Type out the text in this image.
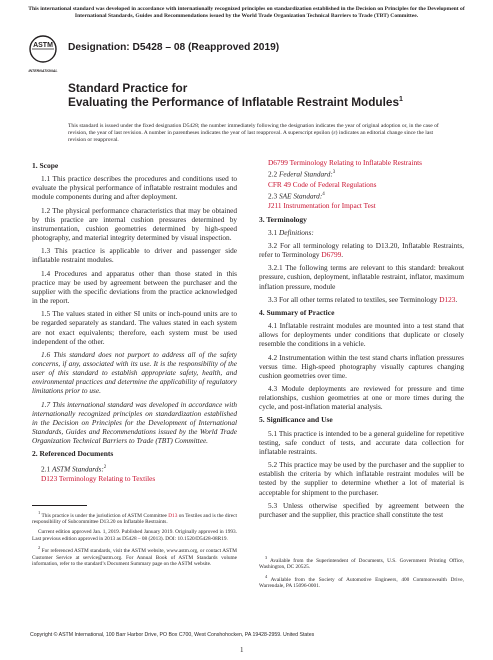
This international standard was developed in accordance with internationally recognized principles on standardization established in the Decision on Principles for the Development of International Standards, Guides and Recommendations issued by the World Trade Organization Technical Barriers to Trade (TBT) Committee.
ASTM
INTERNATIONAL
Designation: D5428 – 08 (Reapproved 2019)
Standard Practice for
Evaluating the Performance of Inflatable Restraint Modules$^1$
This standard is issued under the fixed designation D5428; the number immediately following the designation indicates the year of original adoption or, in the case of revision, the year of last revision. A number in parentheses indicates the year of last reapproval. A superscript epsilon (ε) indicates an editorial change since the last revision or reapproval.
1. Scope

1.1 This practice describes the procedures and conditions used to evaluate the physical performance of inflatable restraint modules and module components during and after deployment.

1.2 The physical performance characteristics that may be obtained by this practice are internal cushion pressures determined by instrumentation, cushion geometries determined by high-speed photography, and material integrity determined by visual inspection.

1.3 This practice is applicable to driver and passenger side inflatable restraint modules.

1.4 Procedures and apparatus other than those stated in this practice may be used by agreement between the purchaser and the supplier with the specific deviations from the practice acknowledged in the report.

1.5 The values stated in either SI units or inch-pound units are to be regarded separately as standard. The values stated in each system are not exact equivalents; therefore, each system must be used independent of the other.

1.6 This standard does not purport to address all of the safety concerns, if any, associated with its use. It is the responsibility of the user of this standard to establish appropriate safety, health, and environmental practices and determine the applicability of regulatory limitations prior to use.

1.7 This international standard was developed in accordance with internationally recognized principles on standardization established in the Decision on Principles for the Development of International Standards, Guides and Recommendations issued by the World Trade Organization Technical Barriers to Trade (TBT) Committee.

2. Referenced Documents

2.1 ASTM Standards:$^2$

D123 Terminology Relating to Textiles

D6799 Terminology Relating to Inflatable Restraints

2.2 Federal Standard:$^3$

CFR 49 Code of Federal Regulations

2.3 SAE Standard:$^4$

J211 Instrumentation for Impact Test

3. Terminology

3.1 Definitions:

3.2 For all terminology relating to D13.20, Inflatable Restraints, refer to Terminology D6799.

3.2.1 The following terms are relevant to this standard: breakout pressure, cushion, deployment, inflatable restraint, inflator, maximum inflation pressure, module

3.3 For all other terms related to textiles, see Terminology D123.

4. Summary of Practice

4.1 Inflatable restraint modules are mounted into a test stand that allows for deployments under conditions that duplicate or closely resemble the conditions in a vehicle.

4.2 Instrumentation within the test stand charts inflation pressures versus time. High-speed photography visually captures changing cushion geometries over time.

4.3 Module deployments are reviewed for pressure and time relationships, cushion geometries at one or more times during the cycle, and post-inflation material analysis.

5. Significance and Use

5.1 This practice is intended to be a general guideline for repetitive testing, safe conduct of tests, and accurate data collection for inflatable restraints.

5.2 This practice may be used by the purchaser and the supplier to establish the criteria by which inflatable restraint modules will be tested by the supplier to determine whether a lot of material is acceptable for shipment to the purchaser.

5.3 Unless otherwise specified by agreement between the purchaser and the supplier, this practice shall constitute the test

$^1$ This practice is under the jurisdiction of ASTM Committee D13 on Textiles and is the direct responsibility of Subcommittee D13.20 on Inflatable Restraints.

Current edition approved Jan. 1, 2019. Published January 2019. Originally approved in 1993. Last previous edition approved in 2013 as D5428 – 08 (2013). DOI: 10.1520/D5428-08R19.

$^2$ For referenced ASTM standards, visit the ASTM website, www.astm.org, or contact ASTM Customer Service at service@astm.org. For Annual Book of ASTM Standards volume information, refer to the standard’s Document Summary page on the ASTM website.

$^3$ Available from the Superintendent of Documents, U.S. Government Printing Office, Washington, DC 20525.

$^4$ Available from the Society of Automotive Engineers, 400 Commonwealth Drive, Warrendale, PA 15096-0001.

Copyright © ASTM International, 100 Barr Harbor Drive, PO Box C700, West Conshohocken, PA 19428-2959. United States
1
